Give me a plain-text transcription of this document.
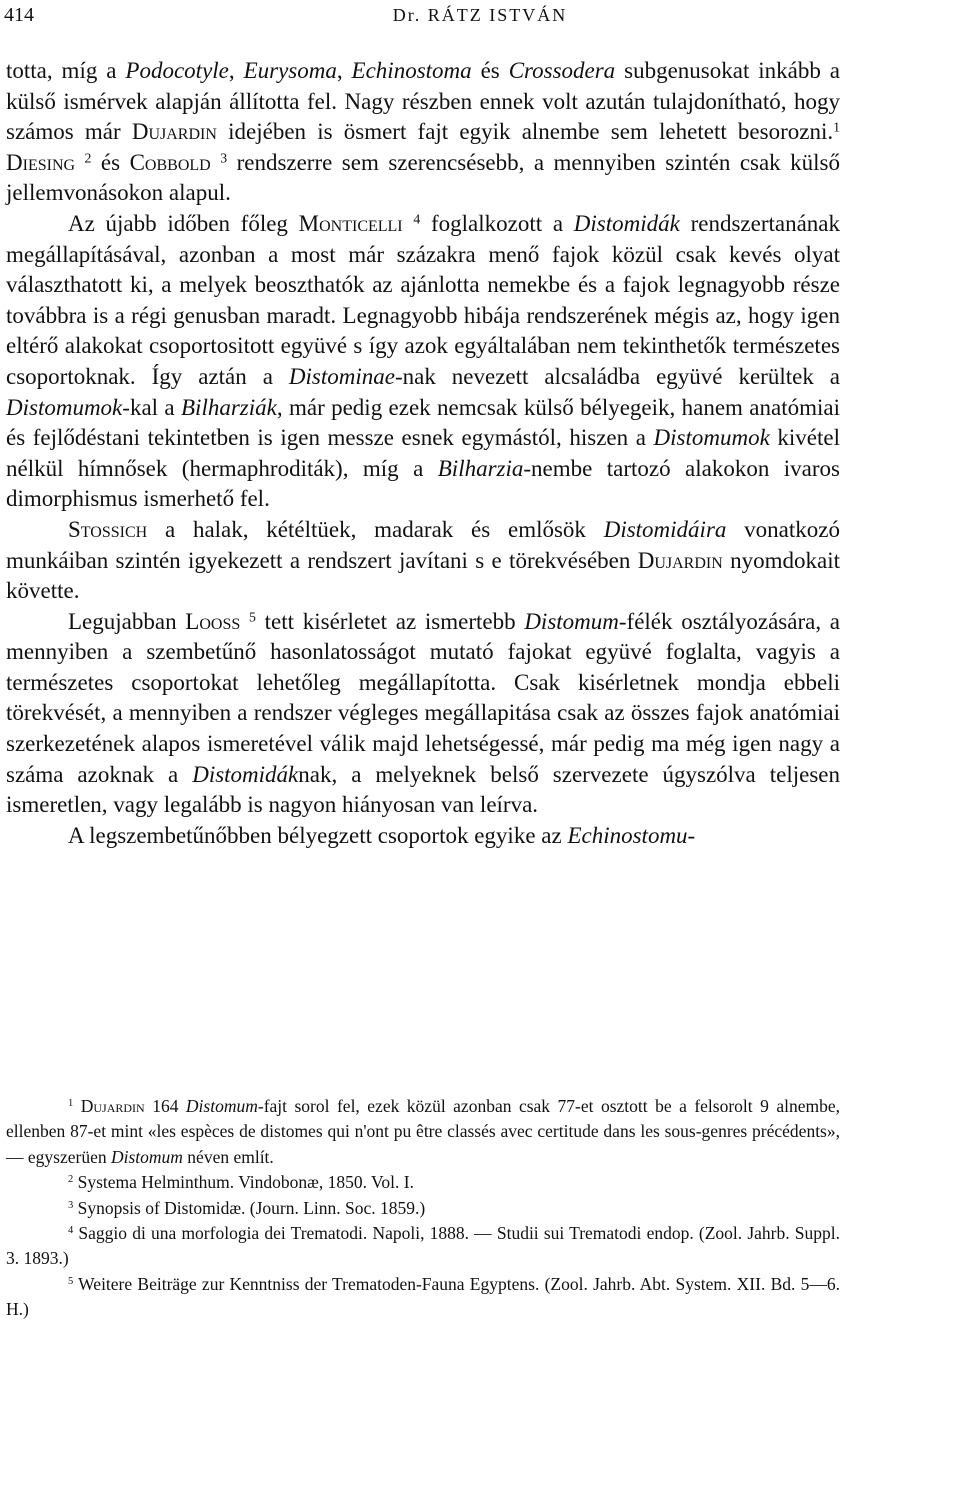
414	Dr. RÁTZ ISTVÁN

totta, míg a Podocotyle, Eurysoma, Echinostoma és Crossodera subgenusokat inkább a külső ismérvek alapján állította fel. Nagy részben ennek volt azután tulajdonítható, hogy számos már Dujardin idejében is ösmert fajt egyik alnembe sem lehetett besorozni.$^1$ Diesing $^2$ és Cobbold $^3$ rendszerre sem szerencsésebb, a mennyiben szintén csak külső jellemvonásokon alapul.

Az újabb időben főleg Monticelli $^4$ foglalkozott a Distomidák rendszertanának megállapításával, azonban a most már százakra menő fajok közül csak kevés olyat választhatott ki, a melyek beoszthatók az ajánlotta nemekbe és a fajok legnagyobb része továbbra is a régi genusban maradt. Legnagyobb hibája rendszerének mégis az, hogy igen eltérő alakokat csoportositott együvé s így azok egyáltalában nem tekinthetők természetes csoportoknak. Így aztán a Distominae-nak nevezett alcsaládba együvé kerültek a Distomumok-kal a Bilharziák, már pedig ezek nemcsak külső bélyegeik, hanem anatómiai és fejlődéstani tekintetben is igen messze esnek egymástól, hiszen a Distomumok kivétel nélkül hímnősek (hermaphroditák), míg a Bilharzia-nembe tartozó alakokon ivaros dimorphismus ismerhető fel.

Stossich a halak, kétéltüek, madarak és emlősök Distomidáira vonatkozó munkáiban szintén igyekezett a rendszert javítani s e törekvésében Dujardin nyomdokait követte.

Legujabban Looss $^5$ tett kisérletet az ismertebb Distomum-félék osztályozására, a mennyiben a szembetűnő hasonlatosságot mutató fajokat együvé foglalta, vagyis a természetes csoportokat lehetőleg megállapította. Csak kisérletnek mondja ebbeli törekvését, a mennyiben a rendszer végleges megállapitása csak az összes fajok anatómiai szerkezetének alapos ismeretével válik majd lehetségessé, már pedig ma még igen nagy a száma azoknak a Distomidáknak, a melyeknek belső szervezete úgyszólva teljesen ismeretlen, vagy legalább is nagyon hiányosan van leírva.

A legszembetűnőbben bélyegzett csoportok egyike az Echinostomu-

$^1$ Dujardin 164 Distomum-fajt sorol fel, ezek közül azonban csak 77-et osztott be a felsorolt 9 alnembe, ellenben 87-et mint «les espèces de distomes qui n'ont pu être classés avec certitude dans les sous-genres précédents», — egyszerüen Distomum néven említ.

$^2$ Systema Helminthum. Vindobonæ, 1850. Vol. I.

$^3$ Synopsis of Distomidæ. (Journ. Linn. Soc. 1859.)

$^4$ Saggio di una morfologia dei Trematodi. Napoli, 1888. — Studii sui Trematodi endop. (Zool. Jahrb. Suppl. 3. 1893.)

$^5$ Weitere Beiträge zur Kenntniss der Trematoden-Fauna Egyptens. (Zool. Jahrb. Abt. System. XII. Bd. 5—6. H.)
